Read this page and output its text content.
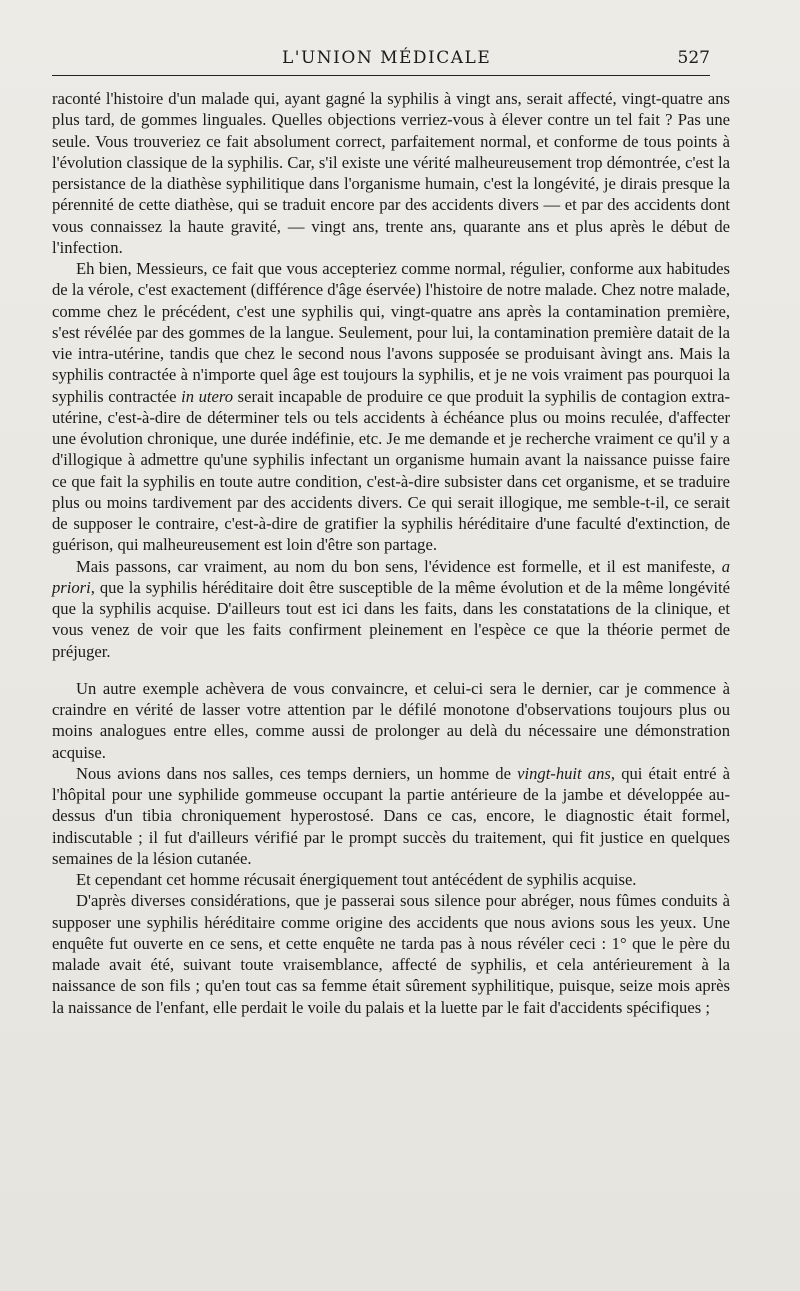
L'UNION MÉDICALE	527

raconté l'histoire d'un malade qui, ayant gagné la syphilis à vingt ans, serait affecté, vingt-quatre ans plus tard, de gommes linguales. Quelles objections verriez-vous à élever contre un tel fait ? Pas une seule. Vous trouveriez ce fait absolument correct, parfaitement normal, et conforme de tous points à l'évolution classique de la syphilis. Car, s'il existe une vérité malheureusement trop démontrée, c'est la persistance de la diathèse syphilitique dans l'organisme humain, c'est la longévité, je dirais presque la pérennité de cette diathèse, qui se traduit encore par des accidents divers — et par des accidents dont vous connaissez la haute gravité, — vingt ans, trente ans, quarante ans et plus après le début de l'infection.

Eh bien, Messieurs, ce fait que vous accepteriez comme normal, régulier, conforme aux habitudes de la vérole, c'est exactement (différence d'âge éservée) l'histoire de notre malade. Chez notre malade, comme chez le précédent, c'est une syphilis qui, vingt-quatre ans après la contamination première, s'est révélée par des gommes de la langue. Seulement, pour lui, la contamination première datait de la vie intra-utérine, tandis que chez le second nous l'avons supposée se produisant àvingt ans. Mais la syphilis contractée à n'importe quel âge est toujours la syphilis, et je ne vois vraiment pas pourquoi la syphilis contractée in utero serait incapable de produire ce que produit la syphilis de contagion extra-utérine, c'est-à-dire de déterminer tels ou tels accidents à échéance plus ou moins reculée, d'affecter une évolution chronique, une durée indéfinie, etc. Je me demande et je recherche vraiment ce qu'il y a d'illogique à admettre qu'une syphilis infectant un organisme humain avant la naissance puisse faire ce que fait la syphilis en toute autre condition, c'est-à-dire subsister dans cet organisme, et se traduire plus ou moins tardivement par des accidents divers. Ce qui serait illogique, me semble-t-il, ce serait de supposer le contraire, c'est-à-dire de gratifier la syphilis héréditaire d'une faculté d'extinction, de guérison, qui malheureusement est loin d'être son partage.

Mais passons, car vraiment, au nom du bon sens, l'évidence est formelle, et il est manifeste, a priori, que la syphilis héréditaire doit être susceptible de la même évolution et de la même longévité que la syphilis acquise. D'ailleurs tout est ici dans les faits, dans les constatations de la clinique, et vous venez de voir que les faits confirment pleinement en l'espèce ce que la théorie permet de préjuger.

Un autre exemple achèvera de vous convaincre, et celui-ci sera le dernier, car je commence à craindre en vérité de lasser votre attention par le défilé monotone d'observations toujours plus ou moins analogues entre elles, comme aussi de prolonger au delà du nécessaire une démonstration acquise.

Nous avions dans nos salles, ces temps derniers, un homme de vingt-huit ans, qui était entré à l'hôpital pour une syphilide gommeuse occupant la partie antérieure de la jambe et développée au-dessus d'un tibia chroniquement hyperostosé. Dans ce cas, encore, le diagnostic était formel, indiscutable ; il fut d'ailleurs vérifié par le prompt succès du traitement, qui fit justice en quelques semaines de la lésion cutanée.

Et cependant cet homme récusait énergiquement tout antécédent de syphilis acquise.

D'après diverses considérations, que je passerai sous silence pour abréger, nous fûmes conduits à supposer une syphilis héréditaire comme origine des accidents que nous avions sous les yeux. Une enquête fut ouverte en ce sens, et cette enquête ne tarda pas à nous révéler ceci : 1° que le père du malade avait été, suivant toute vraisemblance, affecté de syphilis, et cela antérieurement à la naissance de son fils ; qu'en tout cas sa femme était sûrement syphilitique, puisque, seize mois après la naissance de l'enfant, elle perdait le voile du palais et la luette par le fait d'accidents spécifiques ;
